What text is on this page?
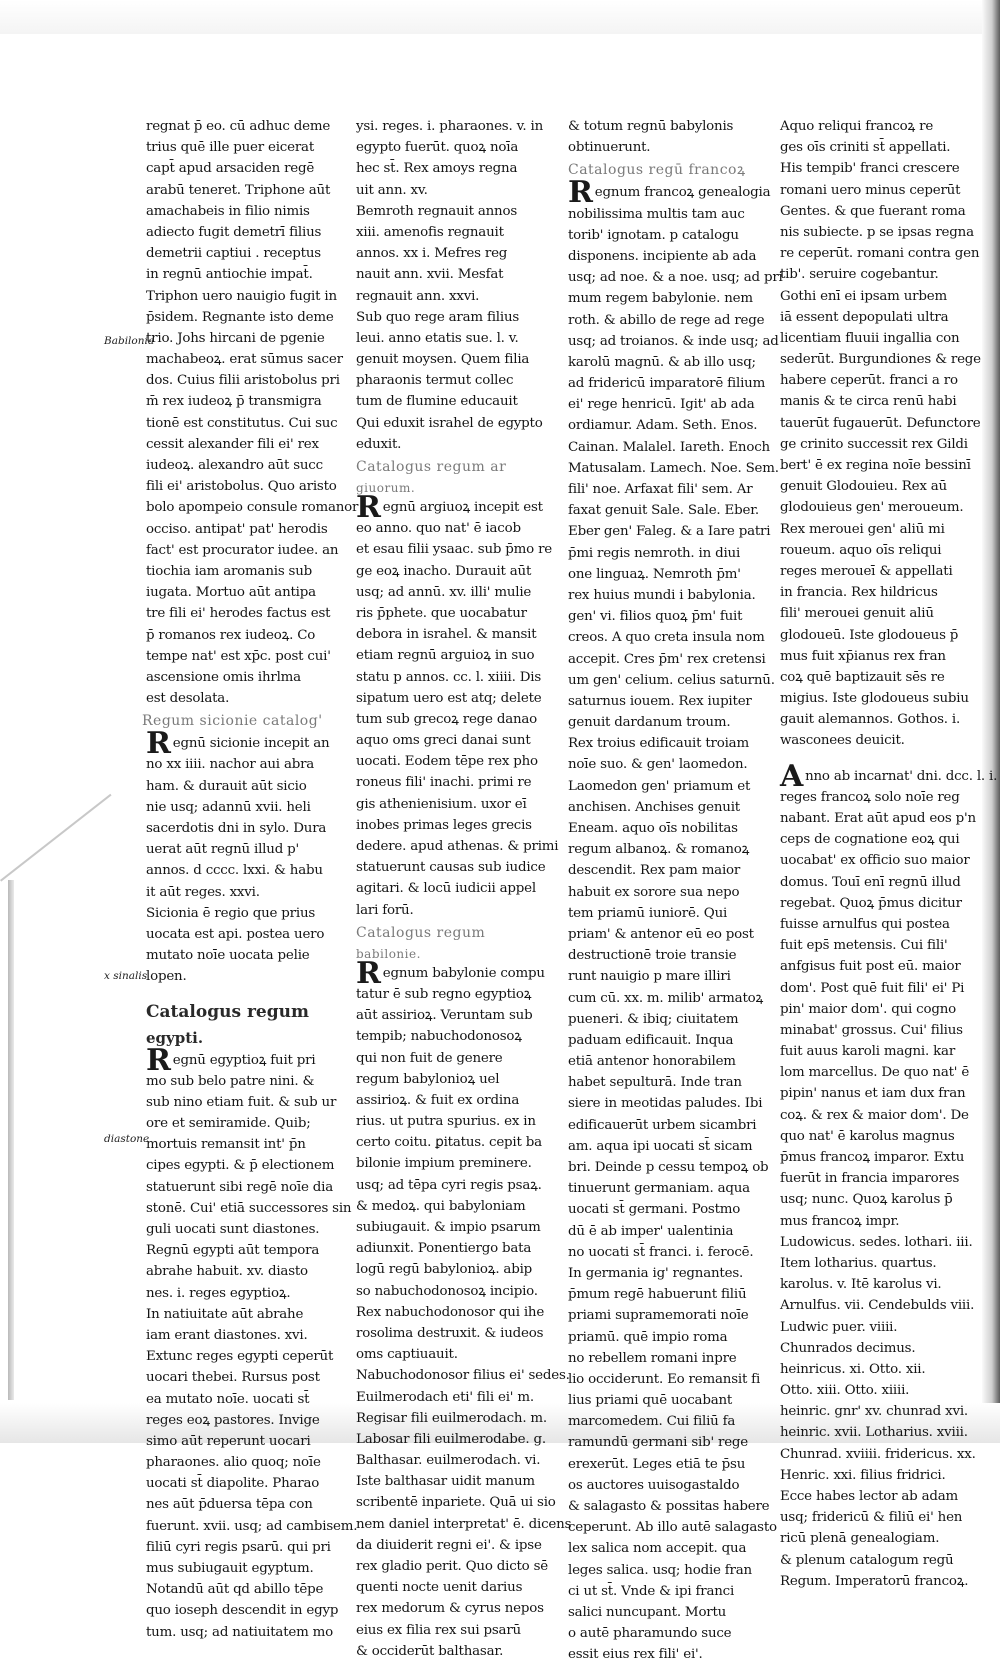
Babilonia
x sinalis
diastone
regnat p̄ eo. cū adhuc deme
trius quē ille puer eicerat
capt̄ apud arsaciden regē
arabū teneret. Triphone aūt
amachabeis in filio nimis
adiecto fugit demetrī filius
demetrii captiui . receptus
in regnū antiochie impat̄.
Triphon uero nauigio fugit in
p̄sidem. Regnante isto deme
trio. Johs hircani de pgenie
machabeoꝝ. erat sūmus sacer
dos. Cuius filii aristobolus pri
m̄ rex iudeoꝝ p̄ transmigra
tionē est constitutus. Cui suc
cessit alexander fili ei' rex
iudeoꝝ. alexandro aūt succ
fili ei' aristobolus. Quo aristo
bolo apompeio consule romanor
occiso. antipat' pat' herodis
fact' est procurator iudee. an
tiochia iam aromanis sub
iugata. Mortuo aūt antipa
tre fili ei' herodes factus est
p̄ romanos rex iudeoꝝ. Co
tempe nat' est xp̄c. post cui'
ascensione omis ihrlma
est desolata.
Regum sicionie catalog'
Regnū sicionie incepit an
no xx iiii. nachor aui abra
ham. & durauit aūt sicio
nie usq; adannū xvii. heli
sacerdotis dni in sylo. Dura
uerat aūt regnū illud p'
annos. d cccc. lxxi. & habu
it aūt reges. xxvi.
Sicionia ē regio que prius
uocata est api. postea uero
mutato noīe uocata pelie
lopen.
Catalogus regum
egypti.
Regnū egyptioꝝ fuit pri
mo sub belo patre nini. &
sub nino etiam fuit. & sub ur
ore et semiramide. Quib;
mortuis remansit int' p̄n
cipes egypti. & p̄ electionem
statuerunt sibi regē noīe dia
stonē. Cui' etiā successores sin
guli uocati sunt diastones.
Regnū egypti aūt tempora
abrahe habuit. xv. diasto
nes. i. reges egyptioꝝ.
In natiuitate aūt abrahe
iam erant diastones. xvi.
Extunc reges egypti ceperūt
uocari thebei. Rursus post
ea mutato noīe. uocati st̄
reges eoꝝ pastores. Invige
simo aūt reperunt uocari
pharaones. alio quoq; noīe
uocati st̄ diapolite. Pharao
nes aūt p̄duersa tēpa con
fuerunt. xvii. usq; ad cambisem.
filiū cyri regis psarū. qui pri
mus subiugauit egyptum.
Notandū aūt qd abillo tēpe
quo ioseph descendit in egyp
tum. usq; ad natiuitatem mo
ysi. reges. i. pharaones. v. in
egypto fuerūt. quoꝝ noīa
hec st̄. Rex amoys regna
uit ann. xv.
Bemroth regnauit annos
xiii. amenofis regnauit
annos. xx i. Mefres reg
nauit ann. xvii. Mesfat
regnauit ann. xxvi.
Sub quo rege aram filius
leui. anno etatis sue. l. v.
genuit moysen. Quem filia
pharaonis termut collec
tum de flumine educauit
Qui eduxit israhel de egypto
eduxit.
Catalogus regum ar
giuorum.
Regnū argiuoꝝ incepit est
eo anno. quo nat' ē iacob
et esau filii ysaac. sub p̄mo re
ge eoꝝ inacho. Durauit aūt
usq; ad annū. xv. illi' mulie
ris p̄phete. que uocabatur
debora in israhel. & mansit
etiam regnū arguioꝝ in suo
statu p annos. cc. l. xiiii. Dis
sipatum uero est atq; delete
tum sub grecoꝝ rege danao
aquo oms greci danai sunt
uocati. Eodem tēpe rex pho
roneus fili' inachi. primi re
gis athenienisium. uxor eī
inobes primas leges grecis
dedere. apud athenas. & primi
statuerunt causas sub iudice
agitari. & locū iudicii appel
lari forū.
Catalogus regum
babilonie.
Regnum babylonie compu
tatur ē sub regno egyptioꝝ
aūt assirioꝝ. Veruntam sub
tempib; nabuchodonosoꝝ
qui non fuit de genere
regum babylonioꝝ uel
assirioꝝ. & fuit ex ordina
rius. ut putra spurius. ex in
certo coitu. ꝑitatus. cepit ba
bilonie impium preminere.
usq; ad tēpa cyri regis psaꝝ.
& medoꝝ. qui babyloniam
subiugauit. & impio psarum
adiunxit. Ponentiergo bata
logū regū babylonioꝝ. abip
so nabuchodonosoꝝ incipio.
Rex nabuchodonosor qui ihe
rosolima destruxit. & iudeos
oms captiuauit.
Nabuchodonosor filius ei' sedes.
Euilmerodach eti' fili ei' m.
Regisar fili euilmerodach. m.
Labosar fili euilmerodabe. g.
Balthasar. euilmerodach. vi.
Iste balthasar uidit manum
scribentē inpariete. Quā ui sio
nem daniel interpretat' ē. dicens
da diuiderit regni ei'. & ipse
rex gladio perit. Quo dicto sē
quenti nocte uenit darius
rex medorum & cyrus nepos
eius ex filia rex sui psarū
& occiderūt balthasar.
& totum regnū babylonis
obtinuerunt.
Catalogus regū francoꝝ
Regnum francoꝝ genealogia
nobilissima multis tam auc
torib' ignotam. p catalogu
disponens. incipiente ab ada
usq; ad noe. & a noe. usq; ad pri
mum regem babylonie. nem
roth. & abillo de rege ad rege
usq; ad troianos. & inde usq; ad
karolū magnū. & ab illo usq;
ad fridericū imparatorē filium
ei' rege henricū. Igit' ab ada
ordiamur. Adam. Seth. Enos.
Cainan. Malalel. Iareth. Enoch
Matusalam. Lamech. Noe. Sem.
fili' noe. Arfaxat fili' sem. Ar
faxat genuit Sale. Sale. Eber.
Eber gen' Faleg. & a Iare patri
p̄mi regis nemroth. in diui
one linguaꝝ. Nemroth p̄m'
rex huius mundi i babylonia.
gen' vi. filios quoꝝ p̄m' fuit
creos. A quo creta insula nom
accepit. Cres p̄m' rex cretensi
um gen' celium. celius saturnū.
saturnus iouem. Rex iupiter
genuit dardanum troum.
Rex troius edificauit troiam
noīe suo. & gen' laomedon.
Laomedon gen' priamum et
anchisen. Anchises genuit
Eneam. aquo oīs nobilitas
regum albanoꝝ. & romanoꝝ
descendit. Rex pam maior
habuit ex sorore sua nepo
tem priamū iuniorē. Qui
priam' & antenor eū eo post
destructionē troie transie
runt nauigio p mare illiri
cum cū. xx. m. milib' armatoꝝ
pueneri. & ibiq; ciuitatem
paduam edificauit. Inqua
etiā antenor honorabilem
habet sepulturā. Inde tran
siere in meotidas paludes. Ibi
edificauerūt urbem sicambri
am. aqua ipi uocati st̄ sicam
bri. Deinde p cessu tempoꝝ ob
tinuerunt germaniam. aqua
uocati st̄ germani. Postmo
dū ē ab imper' ualentinia
no uocati st̄ franci. i. ferocē.
In germania ig' regnantes.
p̄mum regē habuerunt filiū
priami supramemorati noīe
priamū. quē impio roma
no rebellem romani inpre
lio occiderunt. Eo remansit fi
lius priami quē uocabant
marcomedem. Cui filiū fa
ramundū germani sib' rege
erexerūt. Leges etiā te p̄su
os auctores uuisogastaldo
& salagasto & possitas habere
ceperunt. Ab illo autē salagasto
lex salica nom accepit. qua
leges salica. usq; hodie fran
ci ut st̄. Vnde & ipi franci
salici nuncupant. Mortu
o autē pharamundo suce
essit eius rex fili' ei'.
Aquo reliqui francoꝝ re
ges oīs criniti st̄ appellati.
His tempib' franci crescere
romani uero minus ceperūt
Gentes. & que fuerant roma
nis subiecte. p se ipsas regna
re ceperūt. romani contra gen
tib'. seruire cogebantur.
Gothi enī ei ipsam urbem
iā essent depopulati ultra
licentiam fluuii ingallia con
sederūt. Burgundiones & rege
habere ceperūt. franci a ro
manis & te circa renū habi
tauerūt fugauerūt. Defunctore
ge crinito successit rex Gildi
bert' ē ex regina noīe bessinī
genuit Glodouieu. Rex aū
glodouieus gen' meroueum.
Rex merouei gen' aliū mi
roueum. aquo oīs reliqui
reges meroueī & appellati
in francia. Rex hildricus
fili' merouei genuit aliū
glodoueū. Iste glodoueus p̄
mus fuit xp̄ianus rex fran
coꝝ quē baptizauit sēs re
migius. Iste glodoueus subiu
gauit alemannos. Gothos. i.
wasconees deuicit.
Anno ab incarnat' dni. dcc. l. i.
reges francoꝝ solo noīe reg
nabant. Erat aūt apud eos p'n
ceps de cognatione eoꝝ qui
uocabat' ex officio suo maior
domus. Touī enī regnū illud
regebat. Quoꝝ p̄mus dicitur
fuisse arnulfus qui postea
fuit eps̄ metensis. Cui fili'
anfgisus fuit post eū. maior
dom'. Post quē fuit fili' ei' Pi
pin' maior dom'. qui cogno
minabat' grossus. Cui' filius
fuit auus karoli magni. kar
lom marcellus. De quo nat' ē
pipin' nanus et iam dux fran
coꝝ. & rex & maior dom'. De
quo nat' ē karolus magnus
p̄mus francoꝝ imparor. Extu
fuerūt in francia imparores
usq; nunc. Quoꝝ karolus p̄
mus francoꝝ impr.
Ludowicus. sedes. lothari. iii.
Item lotharius. quartus.
karolus. v. Itē karolus vi.
Arnulfus. vii. Cendebulds viii.
Ludwic puer. viiii.
Chunrados decimus.
heinricus. xi. Otto. xii.
Otto. xiii. Otto. xiiii.
heinric. gnr' xv. chunrad xvi.
heinric. xvii. Lotharius. xviii.
Chunrad. xviiii. fridericus. xx.
Henric. xxi. filius fridrici.
Ecce habes lector ab adam
usq; fridericū & filiū ei' hen
ricū plenā genealogiam.
& plenum catalogum regū
Regum. Imperatorū francoꝝ.
